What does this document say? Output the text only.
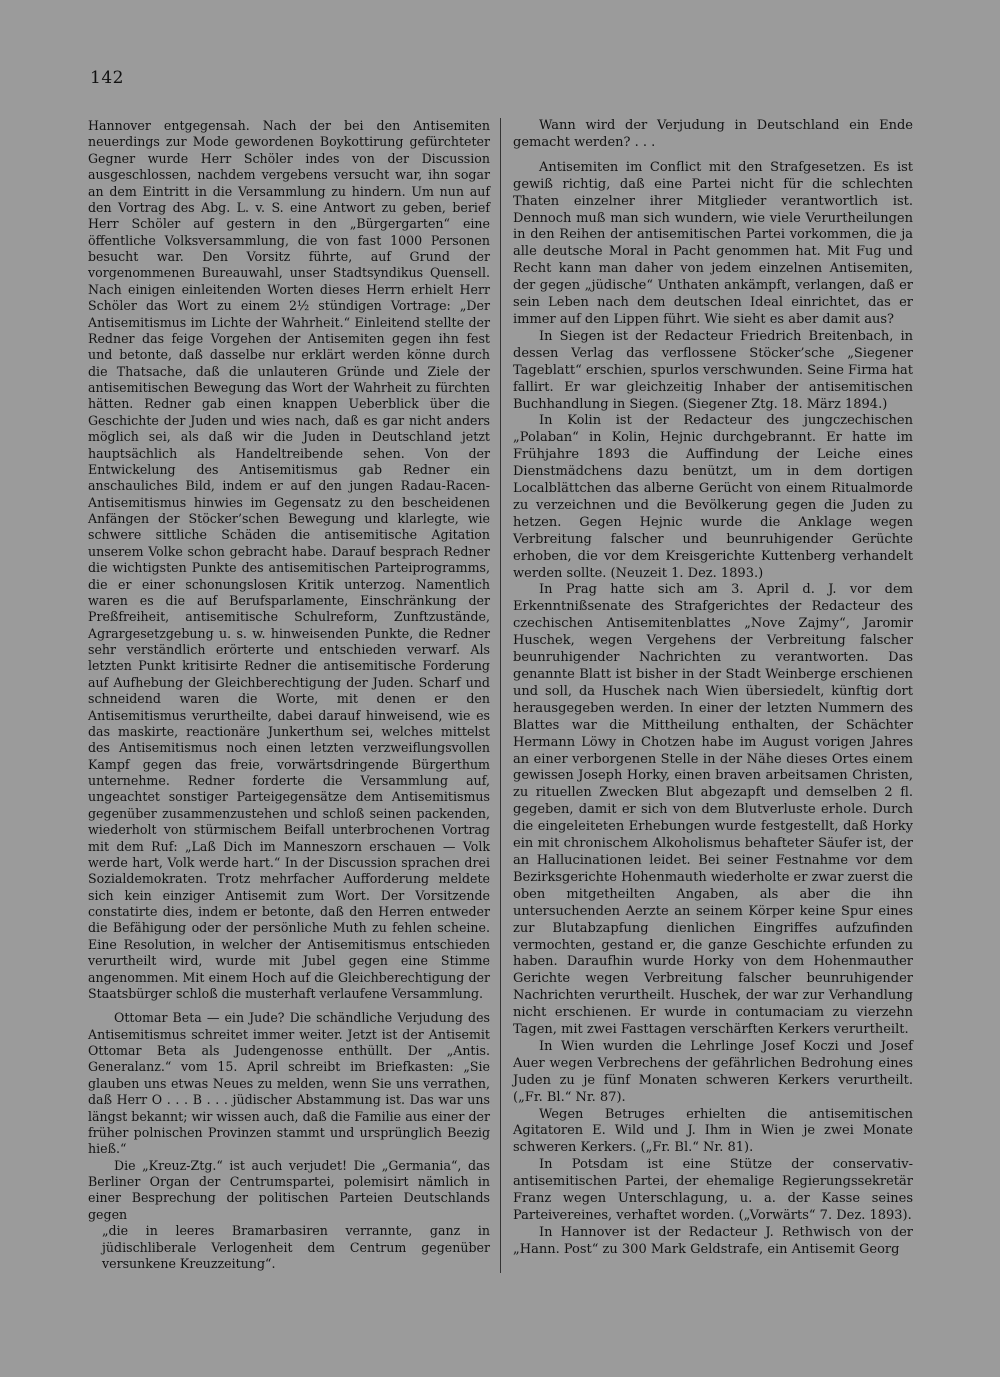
142

Hannover entgegensah. Nach der bei den Antisemiten neuerdings zur Mode gewordenen Boykottirung gefürchteter Gegner wurde Herr Schöler indes von der Discussion ausgeschlossen, nachdem vergebens versucht war, ihn sogar an dem Eintritt in die Versammlung zu hindern. Um nun auf den Vortrag des Abg. L. v. S. eine Antwort zu geben, berief Herr Schöler auf gestern in den „Bürgergarten“ eine öffentliche Volksversammlung, die von fast 1000 Personen besucht war. Den Vorsitz führte, auf Grund der vorgenommenen Bureauwahl, unser Stadtsyndikus Quensell. Nach einigen einleitenden Worten dieses Herrn erhielt Herr Schöler das Wort zu einem 2½ stündigen Vortrage: „Der Antisemitismus im Lichte der Wahrheit.“ Einleitend stellte der Redner das feige Vorgehen der Antisemiten gegen ihn fest und betonte, daß dasselbe nur erklärt werden könne durch die Thatsache, daß die unlauteren Gründe und Ziele der antisemitischen Bewegung das Wort der Wahrheit zu fürchten hätten. Redner gab einen knappen Ueberblick über die Geschichte der Juden und wies nach, daß es gar nicht anders möglich sei, als daß wir die Juden in Deutschland jetzt hauptsächlich als Handeltreibende sehen. Von der Entwickelung des Antisemitismus gab Redner ein anschauliches Bild, indem er auf den jungen Radau-Racen-Antisemitismus hinwies im Gegensatz zu den bescheidenen Anfängen der Stöcker’schen Bewegung und klarlegte, wie schwere sittliche Schäden die antisemitische Agitation unserem Volke schon gebracht habe. Darauf besprach Redner die wichtigsten Punkte des antisemitischen Parteiprogramms, die er einer schonungslosen Kritik unterzog. Namentlich waren es die auf Berufsparlamente, Einschränkung der Preßfreiheit, antisemitische Schulreform, Zunftzustände, Agrargesetzgebung u. s. w. hinweisenden Punkte, die Redner sehr verständlich erörterte und entschieden verwarf. Als letzten Punkt kritisirte Redner die antisemitische Forderung auf Aufhebung der Gleichberechtigung der Juden. Scharf und schneidend waren die Worte, mit denen er den Antisemitismus verurtheilte, dabei darauf hinweisend, wie es das maskirte, reactionäre Junkerthum sei, welches mittelst des Antisemitismus noch einen letzten verzweiflungsvollen Kampf gegen das freie, vorwärtsdringende Bürgerthum unternehme. Redner forderte die Versammlung auf, ungeachtet sonstiger Parteigegensätze dem Antisemitismus gegenüber zusammenzustehen und schloß seinen packenden, wiederholt von stürmischem Beifall unterbrochenen Vortrag mit dem Ruf: „Laß Dich im Manneszorn erschauen — Volk werde hart, Volk werde hart.“ In der Discussion sprachen drei Sozialdemokraten. Trotz mehrfacher Aufforderung meldete sich kein einziger Antisemit zum Wort. Der Vorsitzende constatirte dies, indem er betonte, daß den Herren entweder die Befähigung oder der persönliche Muth zu fehlen scheine. Eine Resolution, in welcher der Antisemitismus entschieden verurtheilt wird, wurde mit Jubel gegen eine Stimme angenommen. Mit einem Hoch auf die Gleichberechtigung der Staatsbürger schloß die musterhaft verlaufene Versammlung.

Ottomar Beta — ein Jude? Die schändliche Verjudung des Antisemitismus schreitet immer weiter. Jetzt ist der Antisemit Ottomar Beta als Judengenosse enthüllt. Der „Antis. Generalanz.“ vom 15. April schreibt im Briefkasten: „Sie glauben uns etwas Neues zu melden, wenn Sie uns verrathen, daß Herr O . . . B . . . jüdischer Abstammung ist. Das war uns längst bekannt; wir wissen auch, daß die Familie aus einer der früher polnischen Provinzen stammt und ursprünglich Beezig hieß.“

Die „Kreuz-Ztg.“ ist auch verjudet! Die „Germania“, das Berliner Organ der Centrumspartei, polemisirt nämlich in einer Besprechung der politischen Parteien Deutschlands gegen

„die in leeres Bramarbasiren verrannte, ganz in jüdischliberale Verlogenheit dem Centrum gegenüber versunkene Kreuzzeitung“.

Wann wird der Verjudung in Deutschland ein Ende gemacht werden? . . .

Antisemiten im Conflict mit den Strafgesetzen. Es ist gewiß richtig, daß eine Partei nicht für die schlechten Thaten einzelner ihrer Mitglieder verantwortlich ist. Dennoch muß man sich wundern, wie viele Verurtheilungen in den Reihen der antisemitischen Partei vorkommen, die ja alle deutsche Moral in Pacht genommen hat. Mit Fug und Recht kann man daher von jedem einzelnen Antisemiten, der gegen „jüdische“ Unthaten ankämpft, verlangen, daß er sein Leben nach dem deutschen Ideal einrichtet, das er immer auf den Lippen führt. Wie sieht es aber damit aus?

In Siegen ist der Redacteur Friedrich Breitenbach, in dessen Verlag das verflossene Stöcker’sche „Siegener Tageblatt“ erschien, spurlos verschwunden. Seine Firma hat fallirt. Er war gleichzeitig Inhaber der antisemitischen Buchhandlung in Siegen. (Siegener Ztg. 18. März 1894.)

In Kolin ist der Redacteur des jungczechischen „Polaban“ in Kolin, Hejnic durchgebrannt. Er hatte im Frühjahre 1893 die Auffindung der Leiche eines Dienstmädchens dazu benützt, um in dem dortigen Localblättchen das alberne Gerücht von einem Ritualmorde zu verzeichnen und die Bevölkerung gegen die Juden zu hetzen. Gegen Hejnic wurde die Anklage wegen Verbreitung falscher und beunruhigender Gerüchte erhoben, die vor dem Kreisgerichte Kuttenberg verhandelt werden sollte. (Neuzeit 1. Dez. 1893.)

In Prag hatte sich am 3. April d. J. vor dem Erkenntnißsenate des Strafgerichtes der Redacteur des czechischen Antisemitenblattes „Nove Zajmy“, Jaromir Huschek, wegen Vergehens der Verbreitung falscher beunruhigender Nachrichten zu verantworten. Das genannte Blatt ist bisher in der Stadt Weinberge erschienen und soll, da Huschek nach Wien übersiedelt, künftig dort herausgegeben werden. In einer der letzten Nummern des Blattes war die Mittheilung enthalten, der Schächter Hermann Löwy in Chotzen habe im August vorigen Jahres an einer verborgenen Stelle in der Nähe dieses Ortes einem gewissen Joseph Horky, einen braven arbeitsamen Christen, zu rituellen Zwecken Blut abgezapft und demselben 2 fl. gegeben, damit er sich von dem Blutverluste erhole. Durch die eingeleiteten Erhebungen wurde festgestellt, daß Horky ein mit chronischem Alkoholismus behafteter Säufer ist, der an Hallucinationen leidet. Bei seiner Festnahme vor dem Bezirksgerichte Hohenmauth wiederholte er zwar zuerst die oben mitgetheilten Angaben, als aber die ihn untersuchenden Aerzte an seinem Körper keine Spur eines zur Blutabzapfung dienlichen Eingriffes aufzufinden vermochten, gestand er, die ganze Geschichte erfunden zu haben. Daraufhin wurde Horky von dem Hohenmauther Gerichte wegen Verbreitung falscher beunruhigender Nachrichten verurtheilt. Huschek, der war zur Verhandlung nicht erschienen. Er wurde in contumaciam zu vierzehn Tagen, mit zwei Fasttagen verschärften Kerkers verurtheilt.

In Wien wurden die Lehrlinge Josef Koczi und Josef Auer wegen Verbrechens der gefährlichen Bedrohung eines Juden zu je fünf Monaten schweren Kerkers verurtheilt. („Fr. Bl.“ Nr. 87).

Wegen Betruges erhielten die antisemitischen Agitatoren E. Wild und J. Ihm in Wien je zwei Monate schweren Kerkers. („Fr. Bl.“ Nr. 81).

In Potsdam ist eine Stütze der conservativ-antisemitischen Partei, der ehemalige Regierungssekretär Franz wegen Unterschlagung, u. a. der Kasse seines Parteivereines, verhaftet worden. („Vorwärts“ 7. Dez. 1893).

In Hannover ist der Redacteur J. Rethwisch von der „Hann. Post“ zu 300 Mark Geldstrafe, ein Antisemit Georg
